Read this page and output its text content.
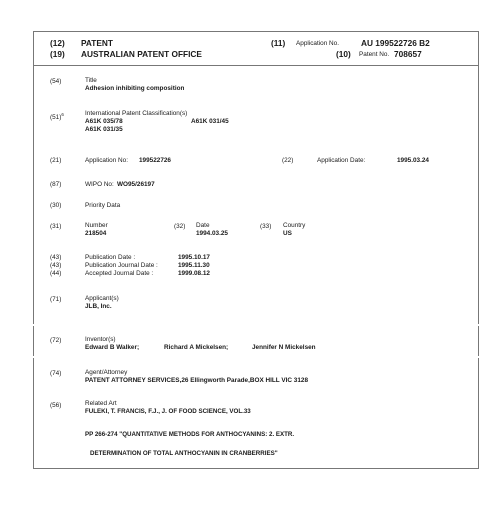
(12) PATENT
(19) AUSTRALIAN PATENT OFFICE
(11) Application No.	AU 199522726 B2
(10) Patent No. 708657
(54)	Title
Adhesion inhibiting composition
$(51)^6$	International Patent Classification(s)
A61K 035/78	A61K 031/45
A61K 031/35
(21)	Application No: 199522726	(22)	Application Date:	1995.03.24
(87)	WIPO No: WO95/26197
(30)	Priority Data
(31)	Number
218504
(32) Date
1994.03.25
(33) Country
US
(43)	Publication Date :	1995.10.17
(43)	Publication Journal Date :	1995.11.30
(44)	Accepted Journal Date :	1999.08.12
(71)	Applicant(s)
JLB, Inc.
(72)	Inventor(s)
Edward B Walker;	Richard A Mickelsen;	Jennifer N Mickelsen
(74)	Agent/Attorney
PATENT ATTORNEY SERVICES,26 Ellingworth Parade,BOX HILL VIC 3128
(56)	Related Art
FULEKI, T. FRANCIS, F.J., J. OF FOOD SCIENCE, VOL.33
PP 266-274 "QUANTITATIVE METHODS FOR ANTHOCYANINS: 2. EXTR.
DETERMINATION OF TOTAL ANTHOCYANIN IN CRANBERRIES"
